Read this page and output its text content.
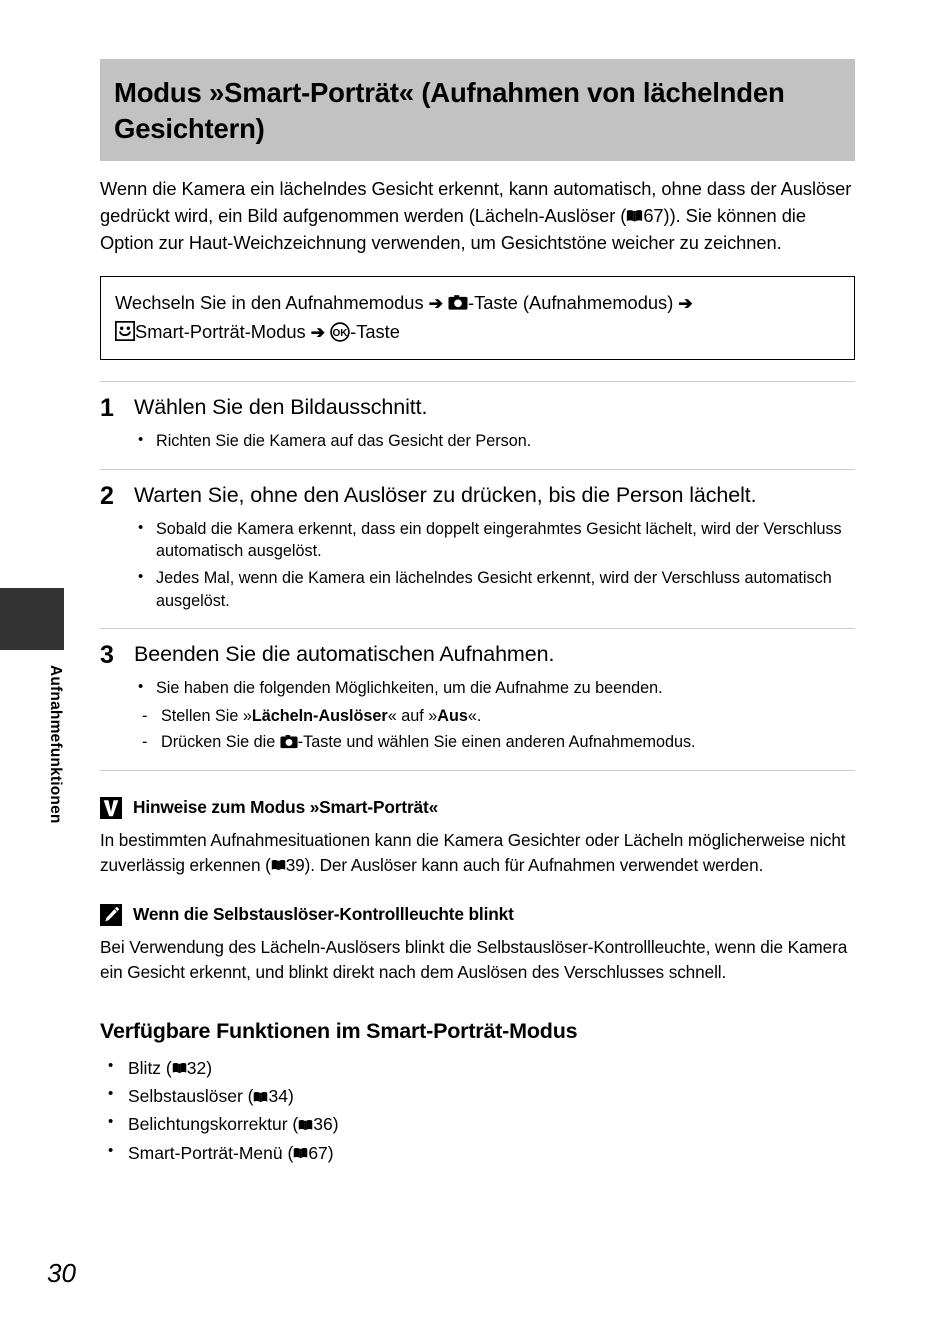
Aufnahmefunktionen
30
Modus »Smart-Porträt« (Aufnahmen von lächelnden Gesichtern)
Wenn die Kamera ein lächelndes Gesicht erkennt, kann automatisch, ohne dass der Auslöser gedrückt wird, ein Bild aufgenommen werden (Lächeln-Auslöser ( 67)). Sie können die Option zur Haut-Weichzeichnung verwenden, um Gesichtstöne weicher zu zeichnen.
Wechseln Sie in den Aufnahmemodus ➔ -Taste (Aufnahmemodus) ➔
Smart-Porträt-Modus ➔ OK -Taste
1 Wählen Sie den Bildausschnitt.
• Richten Sie die Kamera auf das Gesicht der Person.
2 Warten Sie, ohne den Auslöser zu drücken, bis die Person lächelt.
• Sobald die Kamera erkennt, dass ein doppelt eingerahmtes Gesicht lächelt, wird der Verschluss automatisch ausgelöst.
• Jedes Mal, wenn die Kamera ein lächelndes Gesicht erkennt, wird der Verschluss automatisch ausgelöst.
3 Beenden Sie die automatischen Aufnahmen.
• Sie haben die folgenden Möglichkeiten, um die Aufnahme zu beenden.
- Stellen Sie »Lächeln-Auslöser« auf »Aus«.
- Drücken Sie die -Taste und wählen Sie einen anderen Aufnahmemodus.
Hinweise zum Modus »Smart-Porträt«
In bestimmten Aufnahmesituationen kann die Kamera Gesichter oder Lächeln möglicherweise nicht zuverlässig erkennen ( 39). Der Auslöser kann auch für Aufnahmen verwendet werden.
Wenn die Selbstauslöser-Kontrollleuchte blinkt
Bei Verwendung des Lächeln-Auslösers blinkt die Selbstauslöser-Kontrollleuchte, wenn die Kamera ein Gesicht erkennt, und blinkt direkt nach dem Auslösen des Verschlusses schnell.
Verfügbare Funktionen im Smart-Porträt-Modus
• Blitz ( 32)
• Selbstauslöser ( 34)
• Belichtungskorrektur ( 36)
• Smart-Porträt-Menü ( 67)
